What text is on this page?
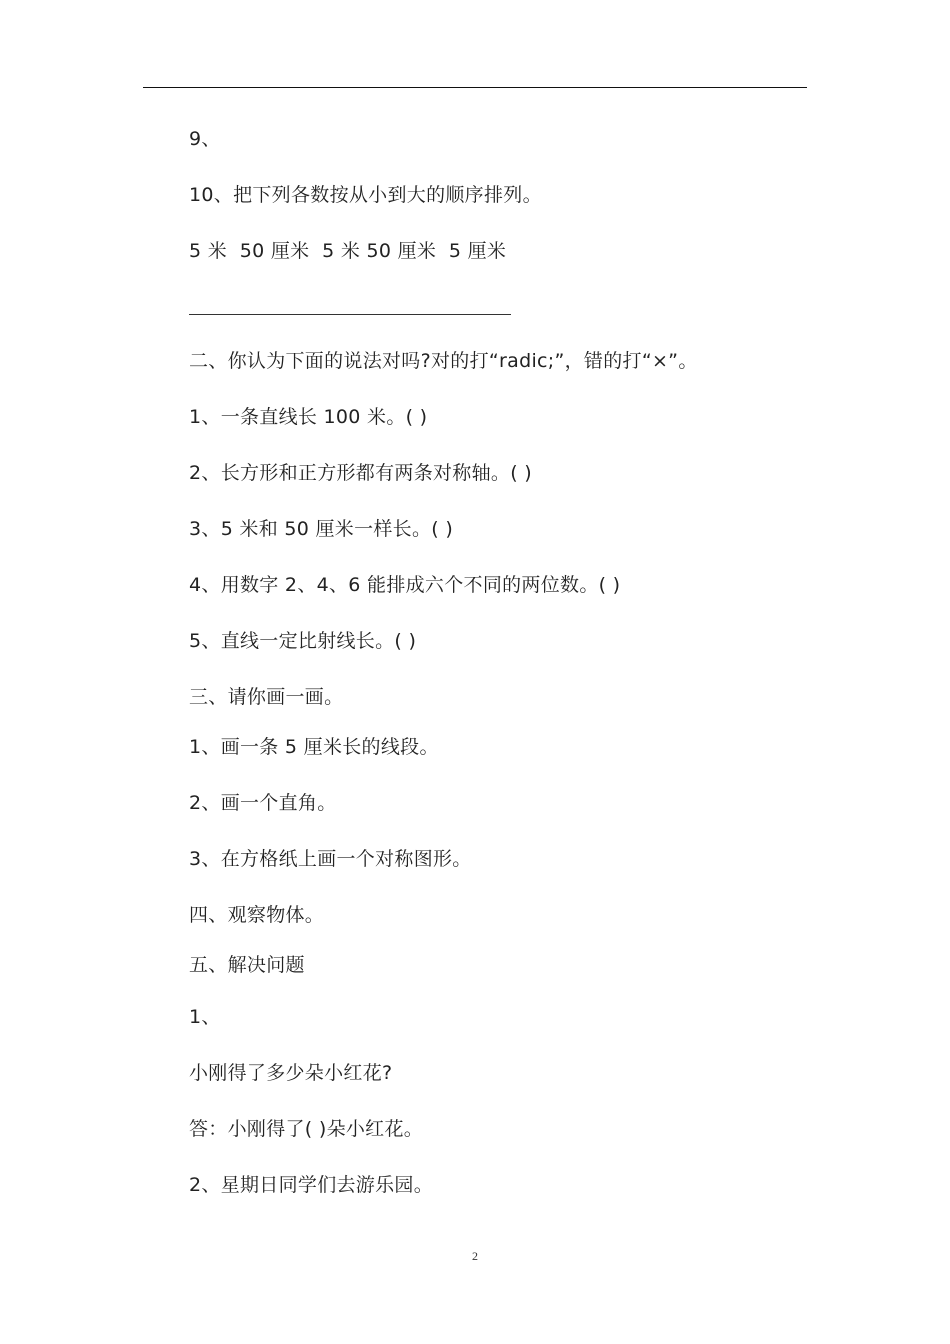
9、
10、把下列各数按从小到大的顺序排列。
5 米  50 厘米  5 米 50 厘米  5 厘米
二、你认为下面的说法对吗?对的打“radic;”，错的打“×”。
1、一条直线长 100 米。( )
2、长方形和正方形都有两条对称轴。( )
3、5 米和 50 厘米一样长。( )
4、用数字 2、4、6 能排成六个不同的两位数。( )
5、直线一定比射线长。( )
三、请你画一画。
1、画一条 5 厘米长的线段。
2、画一个直角。
3、在方格纸上画一个对称图形。
四、观察物体。
五、解决问题
1、
小刚得了多少朵小红花?
答：小刚得了( )朵小红花。
2、星期日同学们去游乐园。
2
